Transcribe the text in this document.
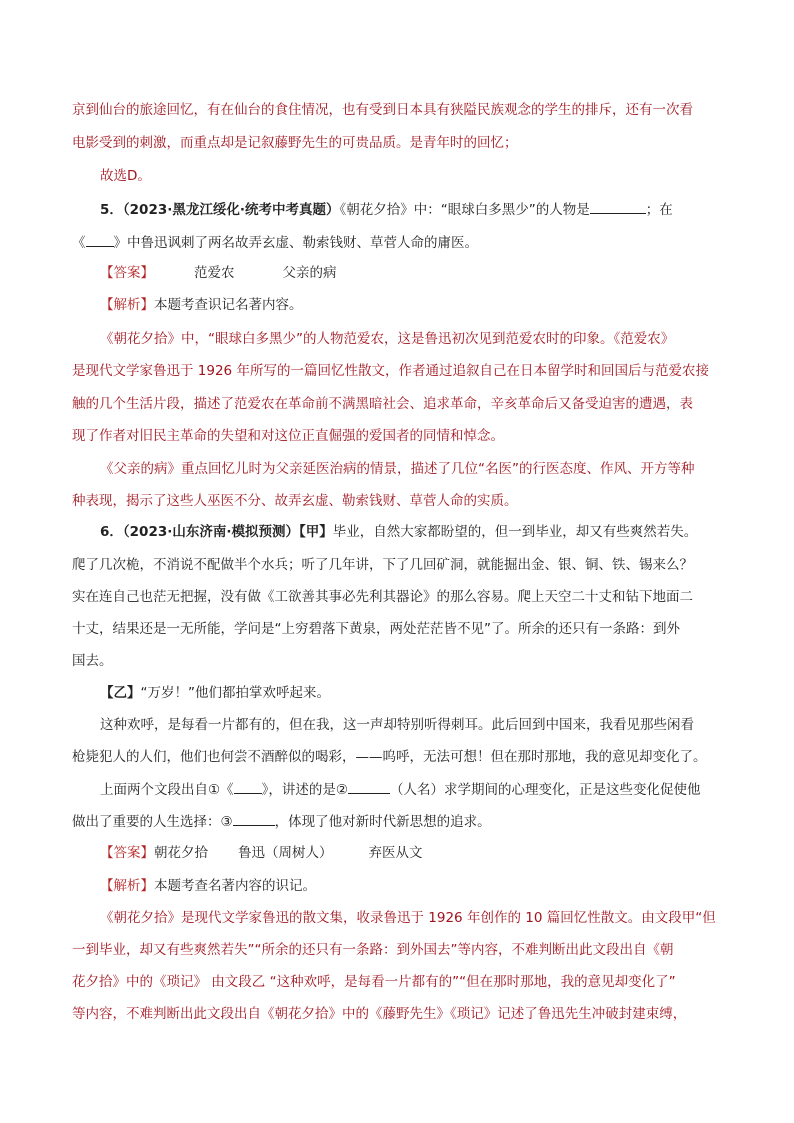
京到仙台的旅途回忆，有在仙台的食住情况，也有受到日本具有狭隘民族观念的学生的排斥，还有一次看
电影受到的刺激，而重点却是记叙藤野先生的可贵品质。是青年时的回忆；
故选D。
5．（2023·黑龙江绥化·统考中考真题）《朝花夕拾》中：“眼球白多黑少”的人物是	；在
《 》中鲁迅讽刺了两名故弄玄虚、勒索钱财、草菅人命的庸医。
【答案】	范爱农	父亲的病
【解析】本题考查识记名著内容。
《朝花夕拾》中，“眼球白多黑少”的人物范爱农，这是鲁迅初次见到范爱农时的印象。《范爱农》
是现代文学家鲁迅于 1926 年所写的一篇回忆性散文，作者通过追叙自己在日本留学时和回国后与范爱农接
触的几个生活片段，描述了范爱农在革命前不满黑暗社会、追求革命，辛亥革命后又备受迫害的遭遇，表
现了作者对旧民主革命的失望和对这位正直倔强的爱国者的同情和悼念。
《父亲的病》重点回忆儿时为父亲延医治病的情景，描述了几位“名医”的行医态度、作风、开方等种
种表现，揭示了这些人巫医不分、故弄玄虚、勒索钱财、草菅人命的实质。
6．（2023·山东济南·模拟预测）【甲】毕业，自然大家都盼望的，但一到毕业，却又有些爽然若失。
爬了几次桅，不消说不配做半个水兵；听了几年讲，下了几回矿洞，就能掘出金、银、铜、铁、锡来么？
实在连自己也茫无把握，没有做《工欲善其事必先利其器论》的那么容易。爬上天空二十丈和钻下地面二
十丈，结果还是一无所能，学问是“上穷碧落下黄泉，两处茫茫皆不见”了。所余的还只有一条路：到外
国去。
【乙】“万岁！”他们都拍掌欢呼起来。
这种欢呼，是每看一片都有的，但在我，这一声却特别听得刺耳。此后回到中国来，我看见那些闲看
枪毙犯人的人们，他们也何尝不酒醉似的喝彩，——呜呼，无法可想！但在那时那地，我的意见却变化了。
上面两个文段出自①《 》，讲述的是②	（人名）求学期间的心理变化，正是这些变化促使他
做出了重要的人生选择：③	，体现了他对新时代新思想的追求。
【答案】朝花夕拾 鲁迅（周树人）	弃医从文
【解析】本题考查名著内容的识记。
《朝花夕拾》是现代文学家鲁迅的散文集，收录鲁迅于 1926 年创作的 10 篇回忆性散文。由文段甲“但
一到毕业，却又有些爽然若失”“所余的还只有一条路：到外国去”等内容，不难判断出此文段出自《朝
花夕拾》中的《琐记》 由文段乙 “这种欢呼，是每看一片都有的”“但在那时那地，我的意见却变化了”
等内容，不难判断出此文段出自《朝花夕拾》中的《藤野先生》《琐记》记述了鲁迅先生冲破封建束缚，
